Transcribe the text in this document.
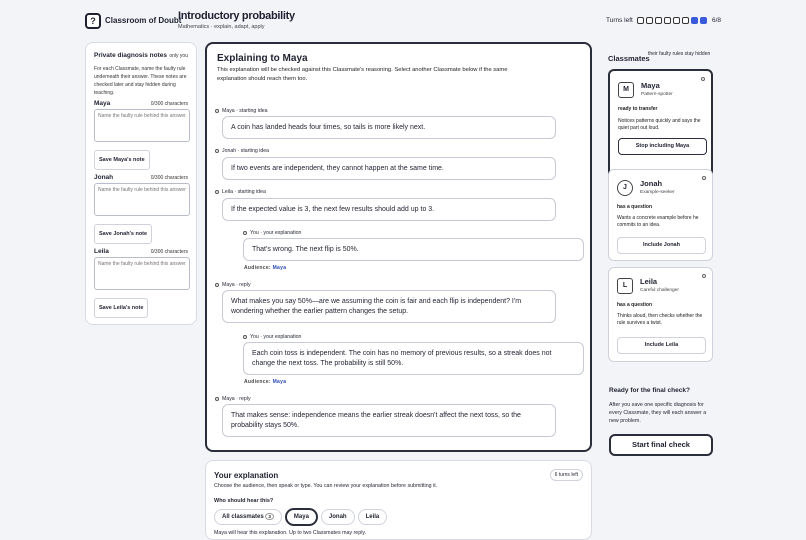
?	Classroom of Doubt
Introductory probability
Mathematics · explain, adapt, apply
Turns left	6/8
Private diagnosis notes only you
For each Classmate, name the faulty rule underneath their answer. These notes are checked later and stay hidden during teaching.
Maya	0/300 characters
Name the faulty rule behind this answer Save Maya's note
Jonah	0/300 characters
Name the faulty rule behind this answer Save Jonah's note
Leila	0/300 characters
Name the faulty rule behind this answer Save Leila's note
Explaining to Maya
This explanation will be checked against this Classmate's reasoning. Select another Classmate below if the same explanation should reach them too.
Maya · starting idea
A coin has landed heads four times, so tails is more likely next.
Jonah · starting idea
If two events are independent, they cannot happen at the same time.
Leila · starting idea
If the expected value is 3, the next few results should add up to 3.
You · your explanation
That's wrong. The next flip is 50%.
Audience: Maya
Maya · reply
What makes you say 50%—are we assuming the coin is fair and each flip is independent? I'm wondering whether the earlier pattern changes the setup.
You · your explanation
Each coin toss is independent. The coin has no memory of previous results, so a streak does not change the next toss. The probability is still 50%.
Audience: Maya
Maya · reply
That makes sense: independence means the earlier streak doesn't affect the next toss, so the probability stays 50%.
Your explanation	6 turns left
Choose the audience, then speak or type. You can review your explanation before submitting it.
Who should hear this?
All classmates 3	Maya	Jonah	Leila
Maya will hear this explanation. Up to two Classmates may reply.
Classmates
their faulty rules stay hidden
M	Maya
Pattern-spotter
ready to transfer
Notices patterns quickly and says the quiet part out loud.
Stop including Maya
J	Jonah
Example-seeker
has a question
Wants a concrete example before he commits to an idea.
Include Jonah
L	Leila
Careful challenger
has a question
Thinks aloud, then checks whether the rule survives a twist.
Include Leila
Ready for the final check?
After you save one specific diagnosis for every Classmate, they will each answer a new problem.
Start final check
